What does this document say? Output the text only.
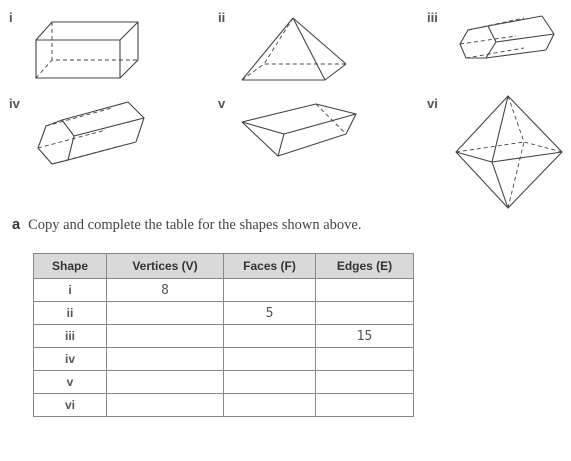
i	ii	iii
iv	v	vi
a Copy and complete the table for the shapes shown above.
Shape	Vertices (V)	Faces (F)	Edges (E)
i	8		
ii		5	
iii			15
iv			
v			
vi			
